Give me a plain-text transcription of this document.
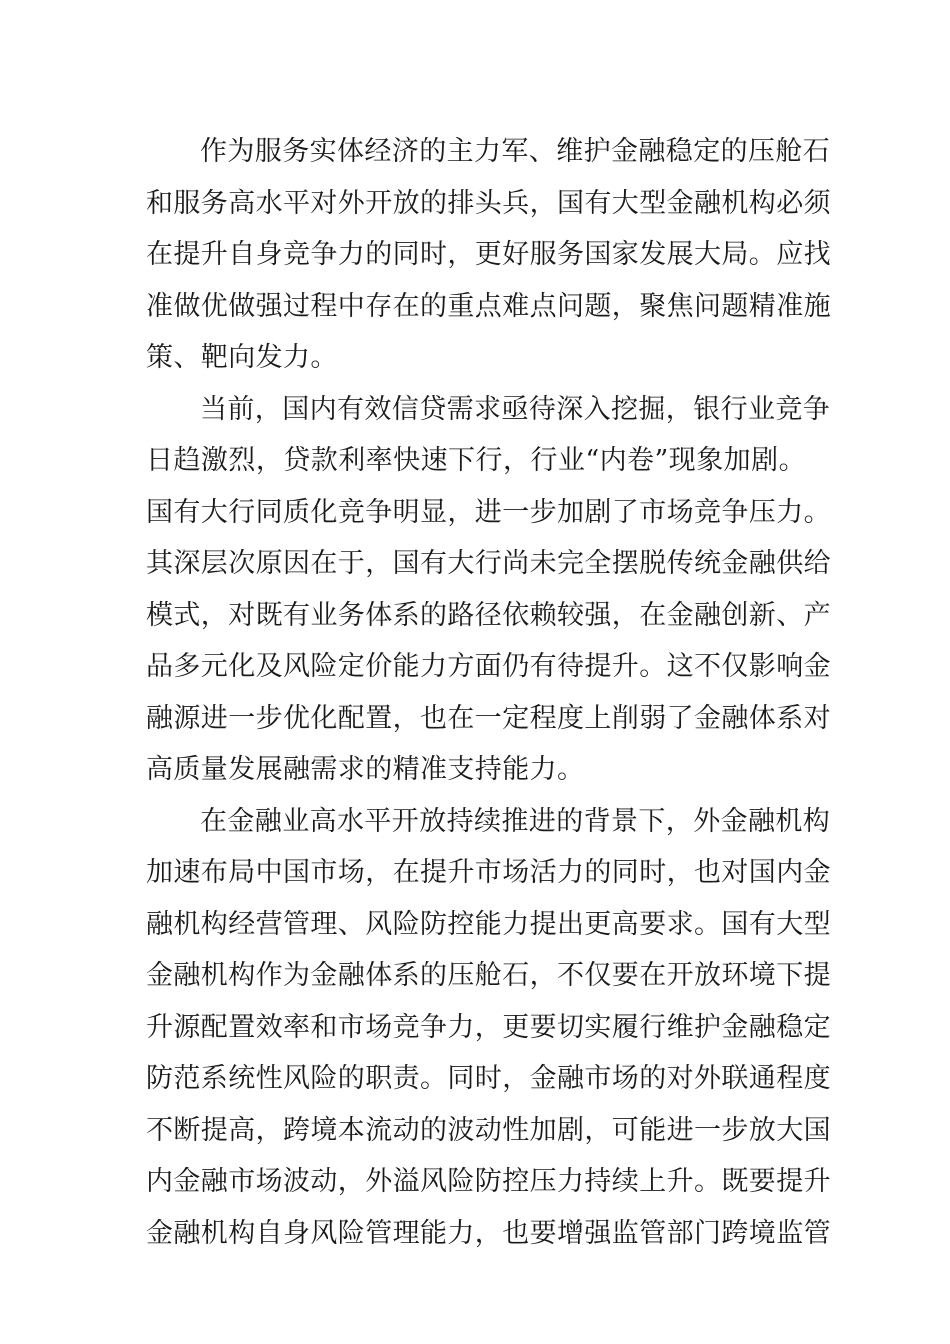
作为服务实体经济的主力军、维护金融稳定的压舱石
和服务高水平对外开放的排头兵，国有大型金融机构必须
在提升自身竞争力的同时，更好服务国家发展大局。应找
准做优做强过程中存在的重点难点问题，聚焦问题精准施
策、靶向发力。
当前，国内有效信贷需求亟待深入挖掘，银行业竞争
日趋激烈，贷款利率快速下行，行业“内卷”现象加剧。
国有大行同质化竞争明显，进一步加剧了市场竞争压力。
其深层次原因在于，国有大行尚未完全摆脱传统金融供给
模式，对既有业务体系的路径依赖较强，在金融创新、产
品多元化及风险定价能力方面仍有待提升。这不仅影响金
融源进一步优化配置，也在一定程度上削弱了金融体系对
高质量发展融需求的精准支持能力。
在金融业高水平开放持续推进的背景下，外金融机构
加速布局中国市场，在提升市场活力的同时，也对国内金
融机构经营管理、风险防控能力提出更高要求。国有大型
金融机构作为金融体系的压舱石，不仅要在开放环境下提
升源配置效率和市场竞争力，更要切实履行维护金融稳定
防范系统性风险的职责。同时，金融市场的对外联通程度
不断提高，跨境本流动的波动性加剧，可能进一步放大国
内金融市场波动，外溢风险防控压力持续上升。既要提升
金融机构自身风险管理能力，也要增强监管部门跨境监管
